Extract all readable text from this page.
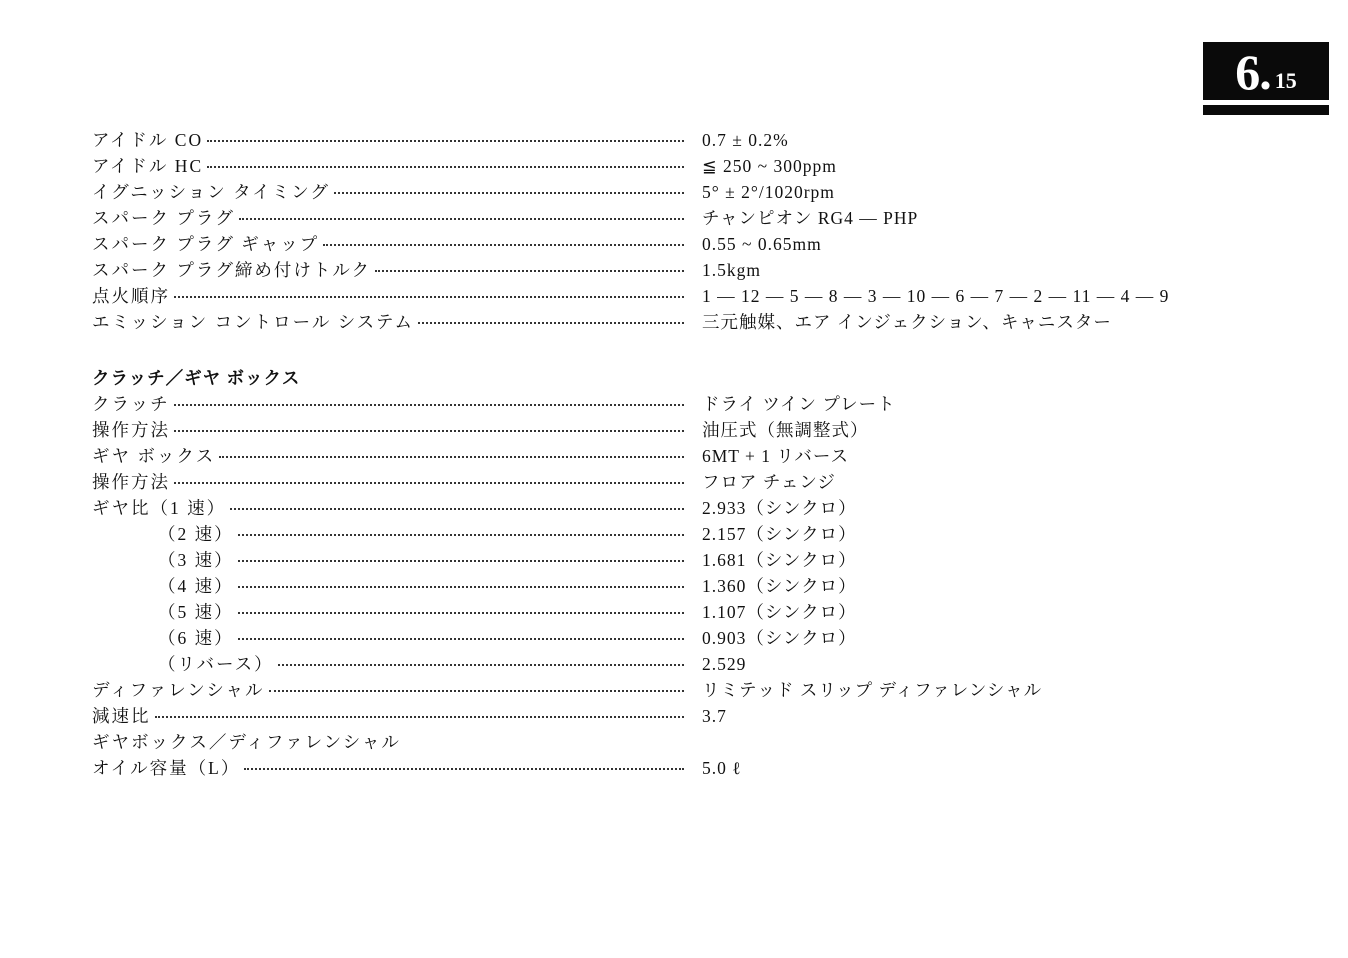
6. 15
アイドル CO	0.7 ± 0.2%
アイドル HC	≦ 250 ~ 300ppm
イグニッション タイミング	5° ± 2°/1020rpm
スパーク プラグ	チャンピオン RG4 — PHP
スパーク プラグ ギャップ	0.55 ~ 0.65mm
スパーク プラグ締め付けトルク	1.5kgm
点火順序	1 — 12 — 5 — 8 — 3 — 10 — 6 — 7 — 2 — 11 — 4 — 9
エミッション コントロール システム	三元触媒、エア インジェクション、キャニスター
クラッチ／ギヤ ボックス
クラッチ	ドライ ツイン プレート
操作方法	油圧式（無調整式）
ギヤ ボックス	6MT + 1 リバース
操作方法	フロア チェンジ
ギヤ比（1 速）	2.933（シンクロ）
（2 速）	2.157（シンクロ）
（3 速）	1.681（シンクロ）
（4 速）	1.360（シンクロ）
（5 速）	1.107（シンクロ）
（6 速）	0.903（シンクロ）
（リバース）	2.529
ディファレンシャル	リミテッド スリップ ディファレンシャル
減速比	3.7
ギヤボックス／ディファレンシャル
オイル容量（L）	5.0 ℓ
